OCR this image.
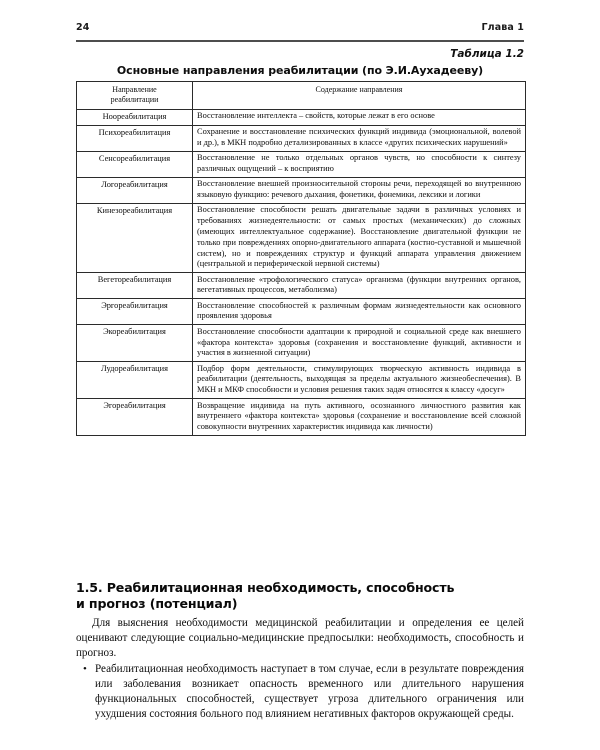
24	Глава 1
Таблица 1.2
Основные направления реабилитации (по Э.И.Аухадееву)
Направление
реабилитации	Содержание направления
Ноореабилитация	Восстановление интеллекта – свойств, которые лежат в его основе
Психореабилитация	Сохранение и восстановление психических функций индивида (эмоциональной, волевой и др.), в МКН подробно детализированных в классе «других психических нарушений»
Сенсореабилитация	Восстановление не только отдельных органов чувств, но способности к синтезу различных ощущений – к восприятию
Логореабилитация	Восстановление внешней произносительной стороны речи, переходящей во внутреннюю языковую функцию: речевого дыхания, фонетики, фонемики, лексики и логики
Кинезореабилитация	Восстановление способности решать двигательные задачи в различных условиях и требованиях жизнедеятельности: от самых простых (механических) до сложных (имеющих интеллектуальное содержание). Восстановление двигательной функции не только при повреждениях опорно-двигательного аппарата (костно-суставной и мышечной систем), но и повреждениях структур и функций аппарата управления движением (центральной и периферической нервной системы)
Вегетореабилитация	Восстановление «трофологического статуса» организма (функции внутренних органов, вегетативных процессов, метаболизма)
Эргореабилитация	Восстановление способностей к различным формам жизнедеятельности как основного проявления здоровья
Экореабилитация	Восстановление способности адаптации к природной и социальной среде как внешнего «фактора контекста» здоровья (сохранения и восстановление функций, активности и участия в жизненной ситуации)
Лудореабилитация	Подбор форм деятельности, стимулирующих творческую активность индивида в реабилитации (деятельность, выходящая за пределы актуального жизнеобеспечения). В МКН и МКФ способности и условия решения таких задач относятся к классу «досуг»
Эгореабилитация	Возвращение индивида на путь активного, осознанного личностного развития как внутреннего «фактора контекста» здоровья (сохранение и восстановление всей сложной совокупности внутренних характеристик индивида как личности)
1.5. Реабилитационная необходимость, способность
и прогноз (потенциал)

Для выяснения необходимости медицинской реабилитации и определения ее целей оценивают следующие социально-медицинские предпосылки: необходимость, способность и прогноз.

• Реабилитационная необходимость наступает в том случае, если в результате повреждения или заболевания возникает опасность временного или длительного нарушения функциональных способностей, существует угроза длительного ограничения или ухудшения состояния больного под влиянием негативных факторов окружающей среды.
